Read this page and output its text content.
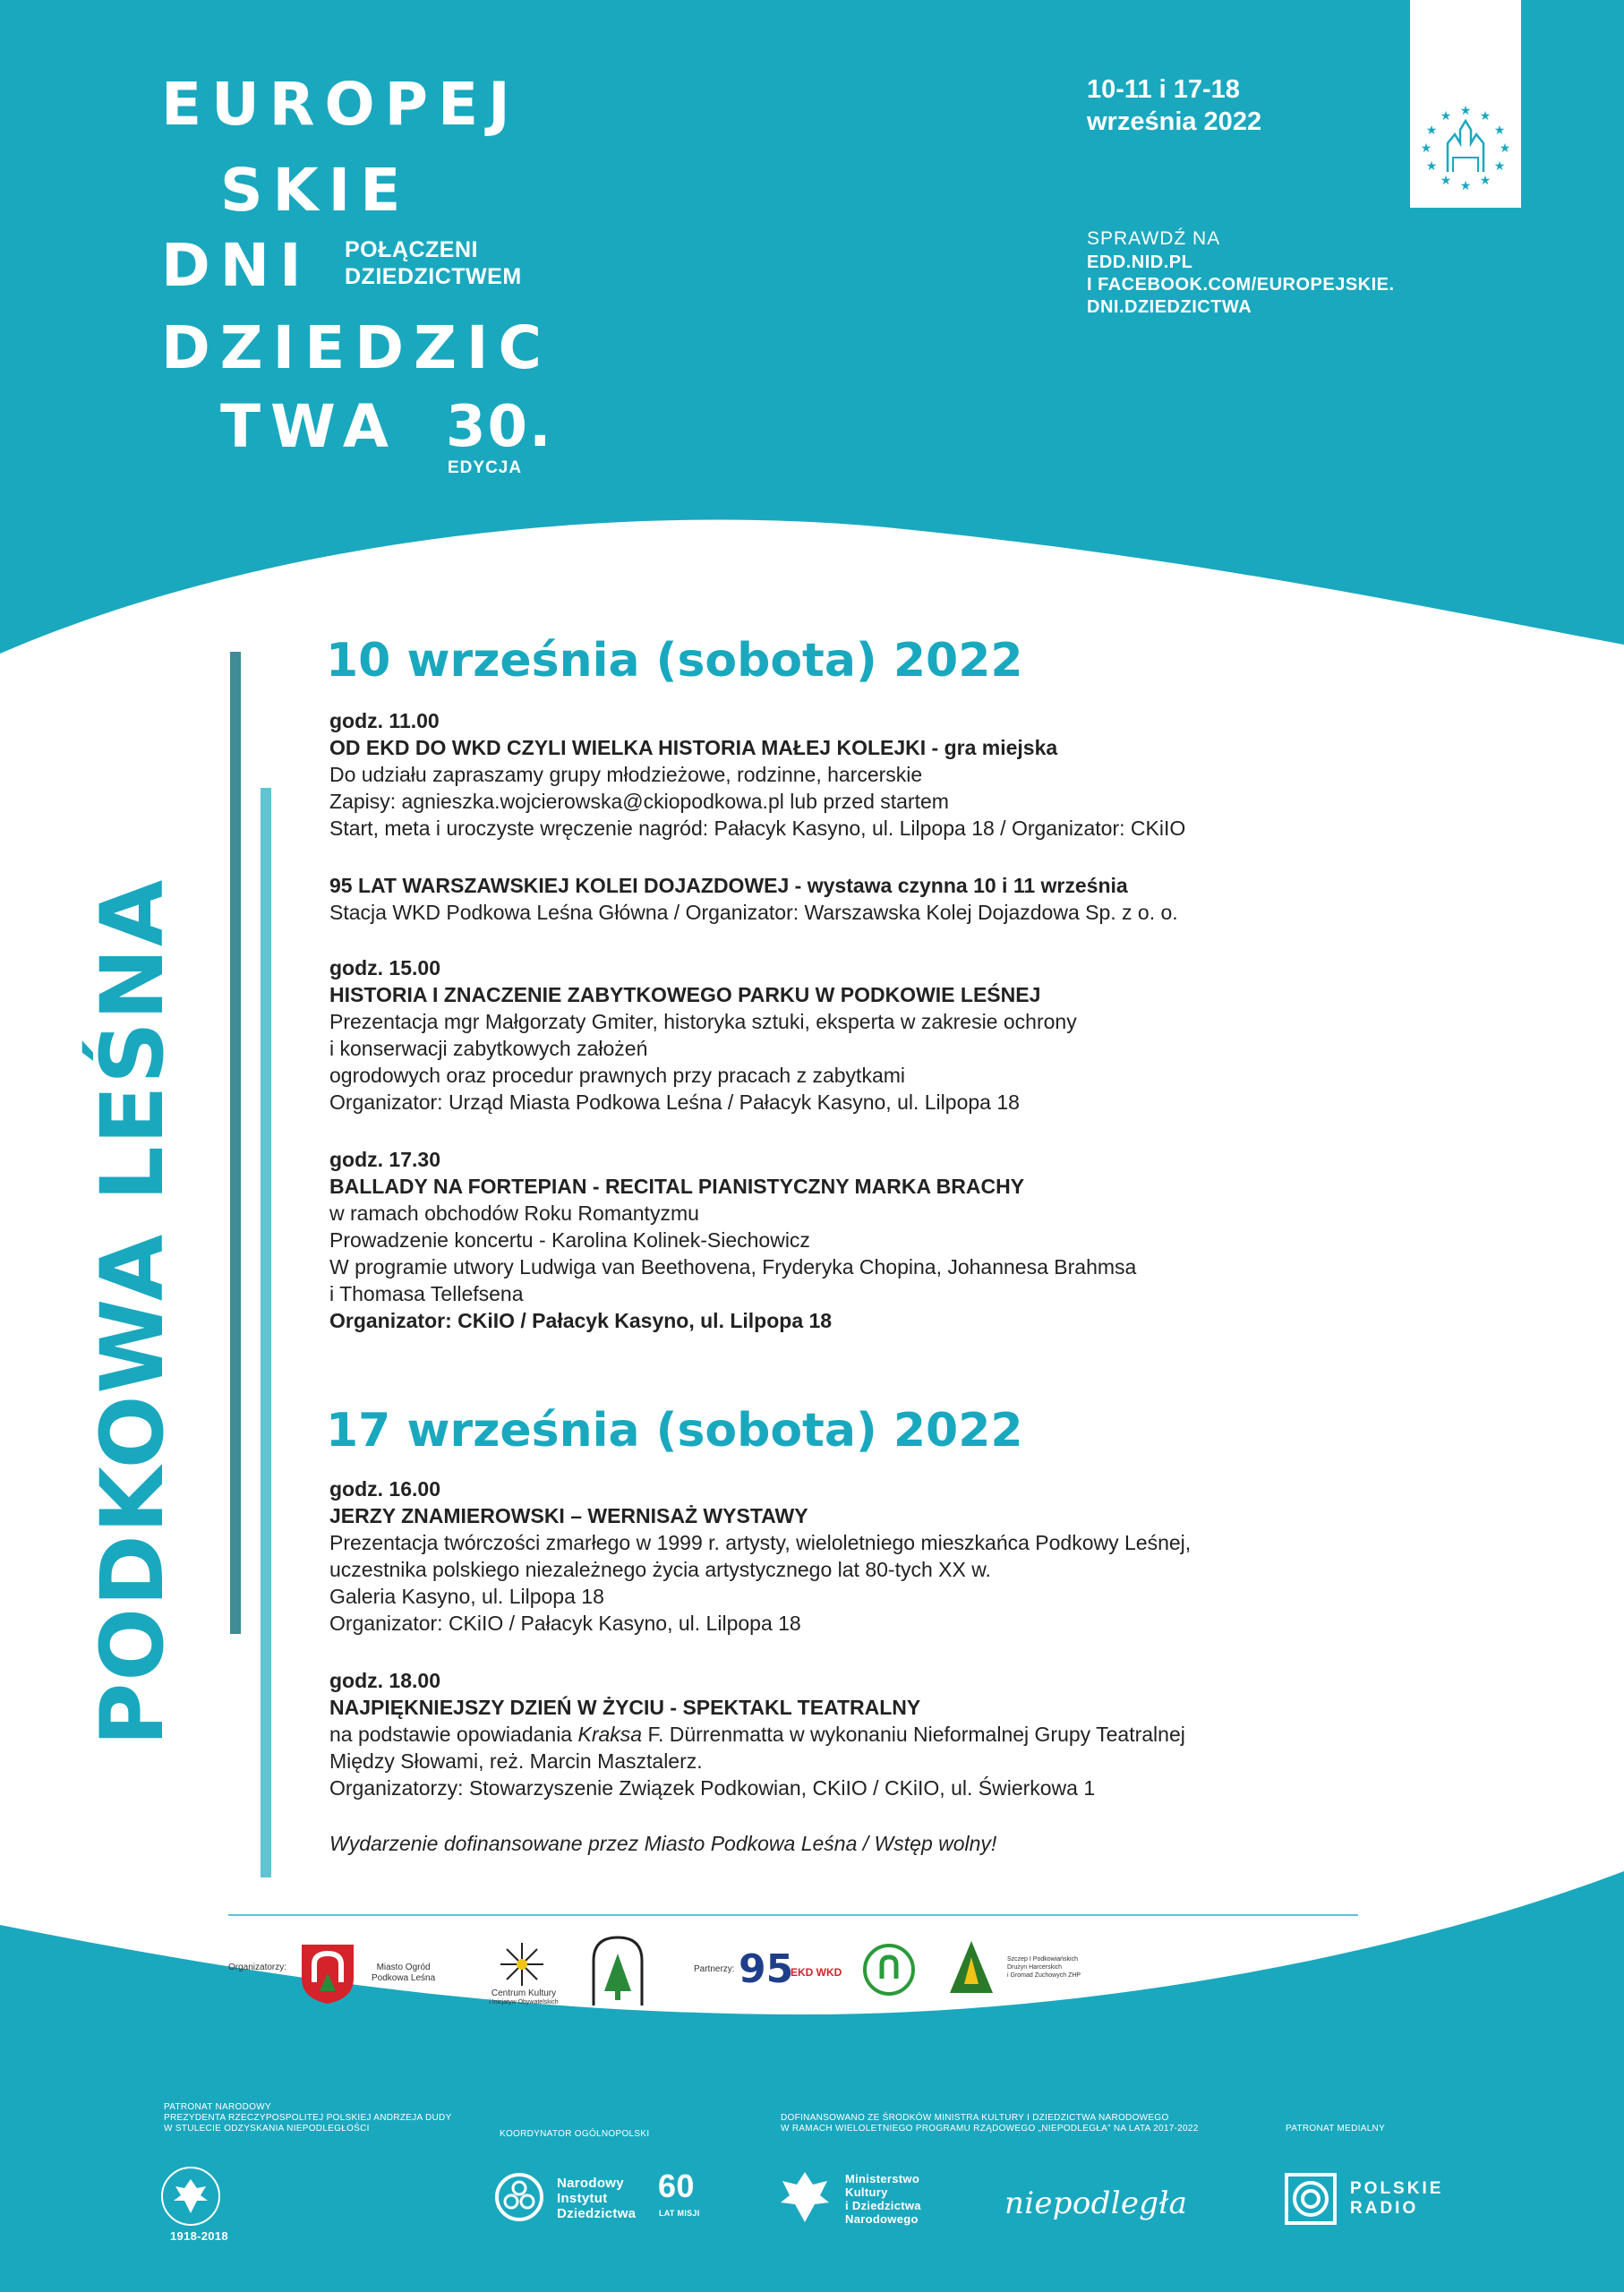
EUROPEJ
SKIE
DNI
DZIEDZIC
TWA
POŁĄCZENI
DZIEDZICTWEM
30.
EDYCJA
10-11 i 17-18
września 2022
SPRAWDŹ NA
EDD.NID.PL
I FACEBOOK.COM/EUROPEJSKIE.
DNI.DZIEDZICTWA
★
★ ★
★	★
★	★
★	★
★ ★
★
PODKOWA LEŚNA
10 września (sobota) 2022
godz. 11.00
OD EKD DO WKD CZYLI WIELKA HISTORIA MAŁEJ KOLEJKI - gra miejska
Do udziału zapraszamy grupy młodzieżowe, rodzinne, harcerskie
Zapisy: agnieszka.wojcierowska@ckiopodkowa.pl lub przed startem
Start, meta i uroczyste wręczenie nagród: Pałacyk Kasyno, ul. Lilpopa 18 / Organizator: CKiIO
95 LAT WARSZAWSKIEJ KOLEI DOJAZDOWEJ - wystawa czynna 10 i 11 września
Stacja WKD Podkowa Leśna Główna / Organizator: Warszawska Kolej Dojazdowa Sp. z o. o.
godz. 15.00
HISTORIA I ZNACZENIE ZABYTKOWEGO PARKU W PODKOWIE LEŚNEJ
Prezentacja mgr Małgorzaty Gmiter, historyka sztuki, eksperta w zakresie ochrony
i konserwacji zabytkowych założeń
ogrodowych oraz procedur prawnych przy pracach z zabytkami
Organizator: Urząd Miasta Podkowa Leśna / Pałacyk Kasyno, ul. Lilpopa 18
godz. 17.30
BALLADY NA FORTEPIAN - RECITAL PIANISTYCZNY MARKA BRACHY
w ramach obchodów Roku Romantyzmu
Prowadzenie koncertu - Karolina Kolinek-Siechowicz
W programie utwory Ludwiga van Beethovena, Fryderyka Chopina, Johannesa Brahmsa
i Thomasa Tellefsena
Organizator: CKiIO / Pałacyk Kasyno, ul. Lilpopa 18
17 września (sobota) 2022
godz. 16.00
JERZY ZNAMIEROWSKI – WERNISAŻ WYSTAWY
Prezentacja twórczości zmarłego w 1999 r. artysty, wieloletniego mieszkańca Podkowy Leśnej,
uczestnika polskiego niezależnego życia artystycznego lat 80-tych XX w.
Galeria Kasyno, ul. Lilpopa 18
Organizator: CKiIO / Pałacyk Kasyno, ul. Lilpopa 18
godz. 18.00
NAJPIĘKNIEJSZY DZIEŃ W ŻYCIU - SPEKTAKL TEATRALNY
na podstawie opowiadania Kraksa F. Dürrenmatta w wykonaniu Nieformalnej Grupy Teatralnej
Między Słowami, reż. Marcin Masztalerz.
Organizatorzy: Stowarzyszenie Związek Podkowian, CKiIO / CKiIO, ul. Świerkowa 1
Wydarzenie dofinansowane przez Miasto Podkowa Leśna / Wstęp wolny!
Organizatorzy:	Miasto Ogród
Podkowa Leśna
Centrum Kultury
i Inicjatyw Obywatelskich
Partnerzy: 95
EKD WKD
Szczep I Podkowiańskich
Drużyn Harcerskich
i Gromad Zuchowych ZHP
PATRONAT NARODOWY
PREZYDENTA RZECZYPOSPOLITEJ POLSKIEJ ANDRZEJA DUDY
W STULECIE ODZYSKANIA NIEPODLEGŁOŚCI
1918-2018
KOORDYNATOR OGÓLNOPOLSKI
Narodowy
Instytut
Dziedzictwa
60
LAT MISJI
DOFINANSOWANO ZE ŚRODKÓW MINISTRA KULTURY I DZIEDZICTWA NARODOWEGO
W RAMACH WIELOLETNIEGO PROGRAMU RZĄDOWEGO „NIEPODLEGŁA” NA LATA 2017-2022
Ministerstwo
Kultury
i Dziedzictwa
Narodowego	niepodległa
PATRONAT MEDIALNY
POLSKIE
RADIO
